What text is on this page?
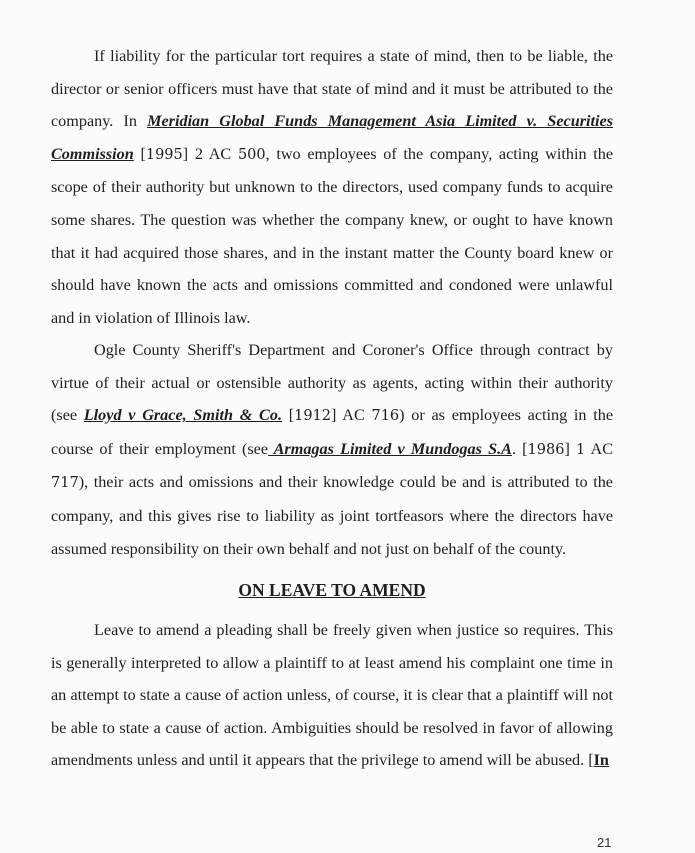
If liability for the particular tort requires a state of mind, then to be liable, the director or senior officers must have that state of mind and it must be attributed to the company. In Meridian Global Funds Management Asia Limited v. Securities Commission [1995] 2 AC 500, two employees of the company, acting within the scope of their authority but unknown to the directors, used company funds to acquire some shares. The question was whether the company knew, or ought to have known that it had acquired those shares, and in the instant matter the County board knew or should have known the acts and omissions committed and condoned were unlawful and in violation of Illinois law.

Ogle County Sheriff's Department and Coroner's Office through contract by virtue of their actual or ostensible authority as agents, acting within their authority (see Lloyd v Grace, Smith & Co. [1912] AC 716) or as employees acting in the course of their employment (see Armagas Limited v Mundogas S.A. [1986] 1 AC 717), their acts and omissions and their knowledge could be and is attributed to the company, and this gives rise to liability as joint tortfeasors where the directors have assumed responsibility on their own behalf and not just on behalf of the county.

ON LEAVE TO AMEND

Leave to amend a pleading shall be freely given when justice so requires. This is generally interpreted to allow a plaintiff to at least amend his complaint one time in an attempt to state a cause of action unless, of course, it is clear that a plaintiff will not be able to state a cause of action. Ambiguities should be resolved in favor of allowing amendments unless and until it appears that the privilege to amend will be abused. [In

21
